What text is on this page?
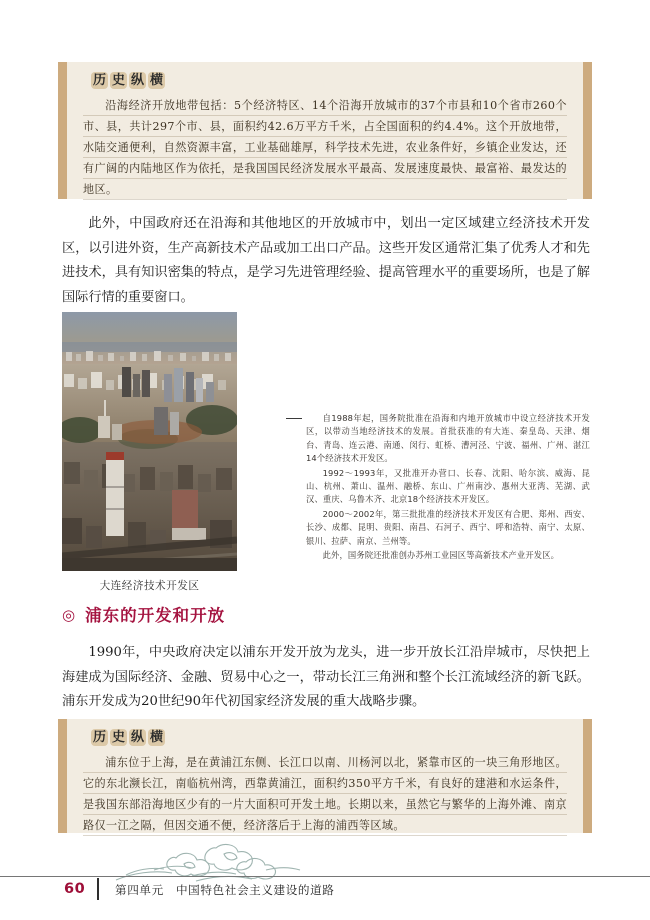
历 史 纵 横

沿海经济开放地带包括：5个经济特区、14个沿海开放城市的37个市县和10个省市260个市、县，共计297个市、县，面积约42.6万平方千米，占全国面积的约4.4%。这个开放地带，水陆交通便利，自然资源丰富，工业基础雄厚，科学技术先进，农业条件好，乡镇企业发达，还有广阔的内陆地区作为依托，是我国国民经济发展水平最高、发展速度最快、最富裕、最发达的地区。

此外，中国政府还在沿海和其他地区的开放城市中，划出一定区域建立经济技术开发区，以引进外资，生产高新技术产品或加工出口产品。这些开发区通常汇集了优秀人才和先进技术，具有知识密集的特点，是学习先进管理经验、提高管理水平的重要场所，也是了解国际行情的重要窗口。

大连经济技术开发区

自1988年起，国务院批准在沿海和内地开放城市中设立经济技术开发区，以带动当地经济技术的发展。首批获准的有大连、秦皇岛、天津、烟台、青岛、连云港、南通、闵行、虹桥、漕河泾、宁波、福州、广州、湛江14个经济技术开发区。

1992～1993年，又批准开办营口、长春、沈阳、哈尔滨、威海、昆山、杭州、萧山、温州、融桥、东山、广州南沙、惠州大亚湾、芜湖、武汉、重庆、乌鲁木齐、北京18个经济技术开发区。

2000～2002年，第三批批准的经济技术开发区有合肥、郑州、西安、长沙、成都、昆明、贵阳、南昌、石河子、西宁、呼和浩特、南宁、太原、银川、拉萨、南京、兰州等。

此外，国务院还批准创办苏州工业园区等高新技术产业开发区。

◎ 浦东的开发和开放

1990年，中央政府决定以浦东开发开放为龙头，进一步开放长江沿岸城市，尽快把上海建成为国际经济、金融、贸易中心之一，带动长江三角洲和整个长江流域经济的新飞跃。浦东开发成为20世纪90年代初国家经济发展的重大战略步骤。

历 史 纵 横

浦东位于上海，是在黄浦江东侧、长江口以南、川杨河以北，紧靠市区的一块三角形地区。它的东北濒长江，南临杭州湾，西靠黄浦江，面积约350平方千米，有良好的建港和水运条件，是我国东部沿海地区少有的一片大面积可开发土地。长期以来，虽然它与繁华的上海外滩、南京路仅一江之隔，但因交通不便，经济落后于上海的浦西等区域。

60	第四单元　中国特色社会主义建设的道路
